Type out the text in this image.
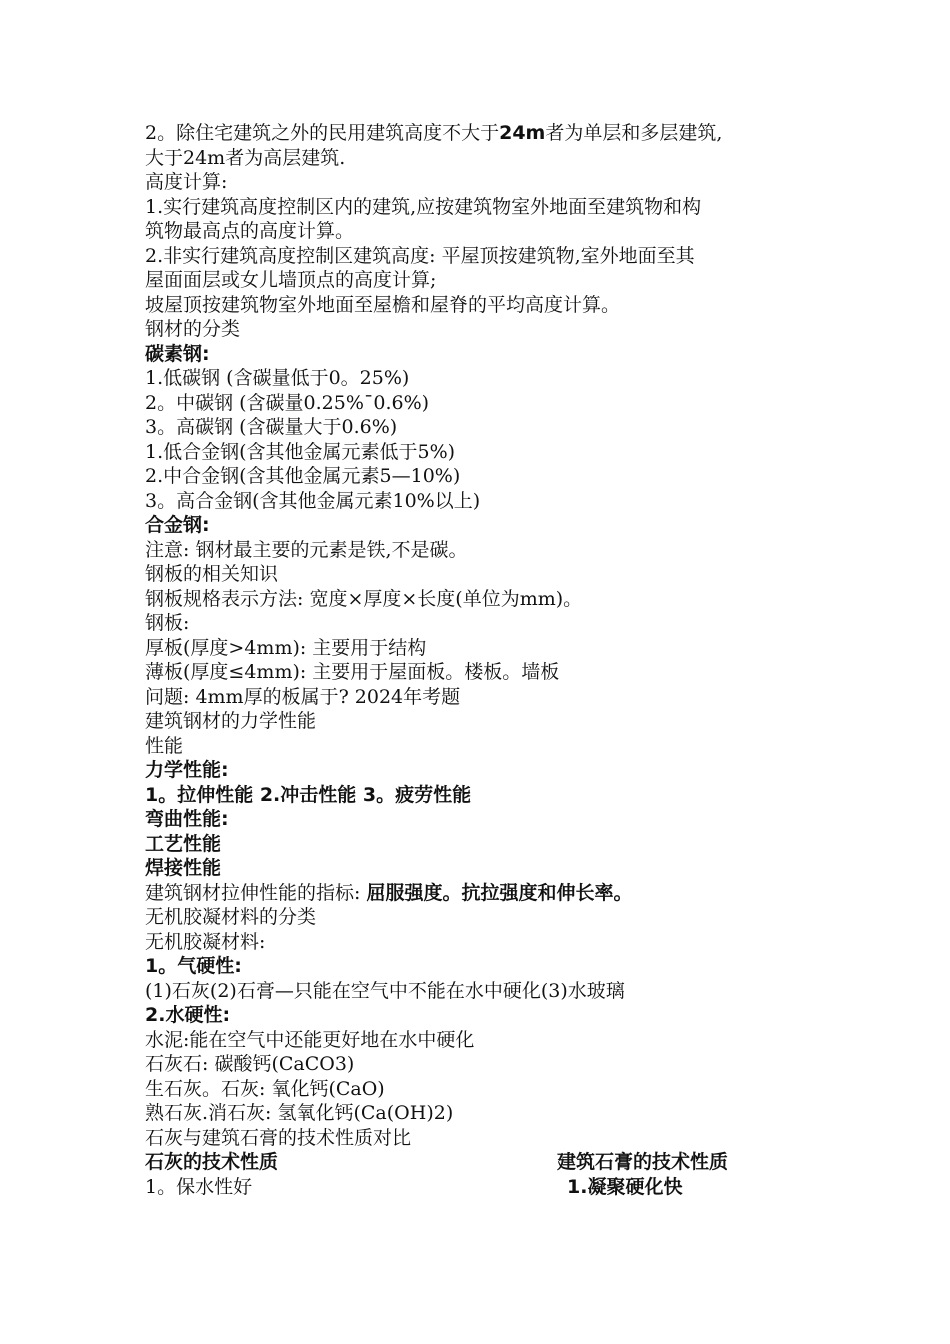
2。除住宅建筑之外的民用建筑高度不大于24m者为单层和多层建筑,
大于24m者为高层建筑.
高度计算:
1.实行建筑高度控制区内的建筑,应按建筑物室外地面至建筑物和构
筑物最高点的高度计算。
2.非实行建筑高度控制区建筑高度: 平屋顶按建筑物,室外地面至其
屋面面层或女儿墙顶点的高度计算;
坡屋顶按建筑物室外地面至屋檐和屋脊的平均高度计算。
钢材的分类
碳素钢:
1.低碳钢 (含碳量低于0。25%)
2。中碳钢 (含碳量0.25%¯0.6%)
3。高碳钢 (含碳量大于0.6%)
1.低合金钢(含其他金属元素低于5%)
2.中合金钢(含其他金属元素5—10%)
3。高合金钢(含其他金属元素10%以上)
合金钢:
注意: 钢材最主要的元素是铁,不是碳。
钢板的相关知识
钢板规格表示方法: 宽度×厚度×长度(单位为mm)。
钢板:
厚板(厚度>4mm): 主要用于结构
薄板(厚度≤4mm): 主要用于屋面板。楼板。墙板
问题: 4mm厚的板属于? 2024年考题
建筑钢材的力学性能
性能
力学性能:
1。拉伸性能 2.冲击性能 3。疲劳性能
弯曲性能:
工艺性能
焊接性能
建筑钢材拉伸性能的指标: 屈服强度。抗拉强度和伸长率。
无机胶凝材料的分类
无机胶凝材料:
1。气硬性:
(1)石灰(2)石膏—只能在空气中不能在水中硬化(3)水玻璃
2.水硬性:
水泥:能在空气中还能更好地在水中硬化
石灰石: 碳酸钙(CaCO3)
生石灰。石灰: 氧化钙(CaO)
熟石灰.消石灰: 氢氧化钙(Ca(OH)2)
石灰与建筑石膏的技术性质对比
石灰的技术性质	建筑石膏的技术性质
1。保水性好	1.凝聚硬化快
